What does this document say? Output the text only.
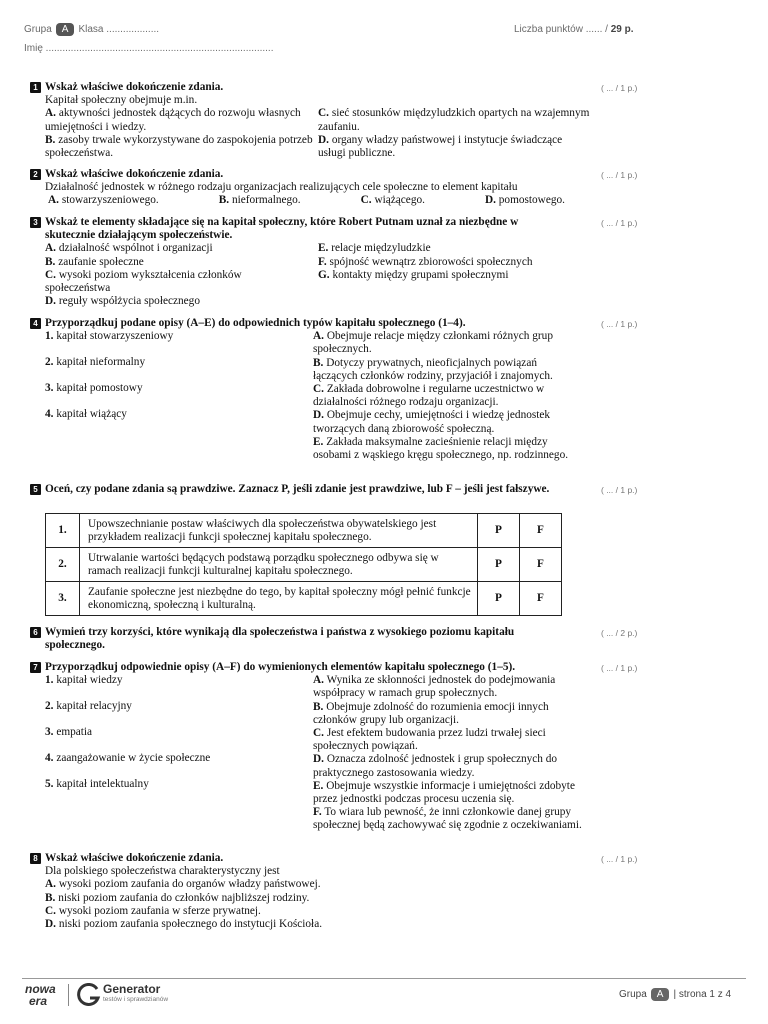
Grupa A Klasa ...................
Imię ..................................................................................
Liczba punktów ...... / 29 p.
1	( ... / 1 p.)
Wskaż właściwe dokończenie zdania.
Kapitał społeczny obejmuje m.in.
A. aktywności jednostek dążących do rozwoju własnych umiejętności i wiedzy.
B. zasoby trwale wykorzystywane do zaspokojenia potrzeb społeczeństwa.
C. sieć stosunków międzyludzkich opartych na wzajemnym zaufaniu.
D. organy władzy państwowej i instytucje świadczące usługi publiczne.
2	( ... / 1 p.)
Wskaż właściwe dokończenie zdania.
Działalność jednostek w różnego rodzaju organizacjach realizujących cele społeczne to element kapitału
A. stowarzyszeniowego.	B. nieformalnego.	C. wiążącego.	D. pomostowego.
3	( ... / 1 p.)
Wskaż te elementy składające się na kapitał społeczny, które Robert Putnam uznał za niezbędne w skutecznie działającym społeczeństwie.
A. działalność wspólnot i organizacji
B. zaufanie społeczne
C. wysoki poziom wykształcenia członków społeczeństwa
D. reguły współżycia społecznego
E. relacje międzyludzkie
F. spójność wewnątrz zbiorowości społecznych
G. kontakty między grupami społecznymi
4	( ... / 1 p.)
Przyporządkuj podane opisy (A–E) do odpowiednich typów kapitału społecznego (1–4).
1. kapitał stowarzyszeniowy
2. kapitał nieformalny
3. kapitał pomostowy
4. kapitał wiążący
A. Obejmuje relacje między członkami różnych grup społecznych.
B. Dotyczy prywatnych, nieoficjalnych powiązań łączących członków rodziny, przyjaciół i znajomych.
C. Zakłada dobrowolne i regularne uczestnictwo w działalności różnego rodzaju organizacji.
D. Obejmuje cechy, umiejętności i wiedzę jednostek tworzących daną zbiorowość społeczną.
E. Zakłada maksymalne zacieśnienie relacji między osobami z wąskiego kręgu społecznego, np. rodzinnego.
5	( ... / 1 p.)
Oceń, czy podane zdania są prawdziwe. Zaznacz P, jeśli zdanie jest prawdziwe, lub F – jeśli jest fałszywe.
1.	Upowszechnianie postaw właściwych dla społeczeństwa obywatelskiego jest przykładem realizacji funkcji społecznej kapitału społecznego.	P	F
2.	Utrwalanie wartości będących podstawą porządku społecznego odbywa się w ramach realizacji funkcji kulturalnej kapitału społecznego.	P	F
3.	Zaufanie społeczne jest niezbędne do tego, by kapitał społeczny mógł pełnić funkcje ekonomiczną, społeczną i kulturalną.	P	F
6	( ... / 2 p.)
Wymień trzy korzyści, które wynikają dla społeczeństwa i państwa z wysokiego poziomu kapitału społecznego.
7	( ... / 1 p.)
Przyporządkuj odpowiednie opisy (A–F) do wymienionych elementów kapitału społecznego (1–5).
1. kapitał wiedzy
2. kapitał relacyjny
3. empatia
4. zaangażowanie w życie społeczne
5. kapitał intelektualny
A. Wynika ze skłonności jednostek do podejmowania współpracy w ramach grup społecznych.
B. Obejmuje zdolność do rozumienia emocji innych członków grupy lub organizacji.
C. Jest efektem budowania przez ludzi trwałej sieci społecznych powiązań.
D. Oznacza zdolność jednostek i grup społecznych do praktycznego zastosowania wiedzy.
E. Obejmuje wszystkie informacje i umiejętności zdobyte przez jednostki podczas procesu uczenia się.
F. To wiara lub pewność, że inni członkowie danej grupy społecznej będą zachowywać się zgodnie z oczekiwaniami.
8	( ... / 1 p.)
Wskaż właściwe dokończenie zdania.
Dla polskiego społeczeństwa charakterystyczny jest
A. wysoki poziom zaufania do organów władzy państwowej.
B. niski poziom zaufania do członków najbliższej rodziny.
C. wysoki poziom zaufania w sferze prywatnej.
D. niski poziom zaufania społecznego do instytucji Kościoła.
nowa
era
Generator
testów i sprawdzianów	Grupa A | strona 1 z 4
